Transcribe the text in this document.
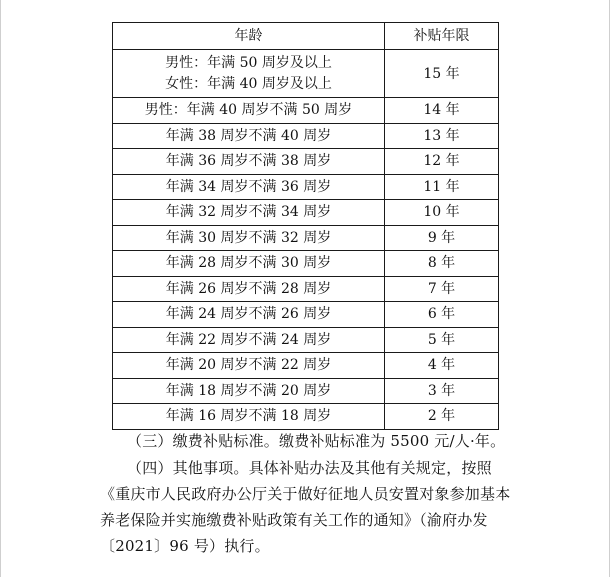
年龄	补贴年限

男性：年满 50 周岁及以上
女性：年满 40 周岁及以上	15 年
男性：年满 40 周岁不满 50 周岁	14 年
年满 38 周岁不满 40 周岁	13 年
年满 36 周岁不满 38 周岁	12 年
年满 34 周岁不满 36 周岁	11 年
年满 32 周岁不满 34 周岁	10 年
年满 30 周岁不满 32 周岁	9 年
年满 28 周岁不满 30 周岁	8 年
年满 26 周岁不满 28 周岁	7 年
年满 24 周岁不满 26 周岁	6 年
年满 22 周岁不满 24 周岁	5 年
年满 20 周岁不满 22 周岁	4 年
年满 18 周岁不满 20 周岁	3 年
年满 16 周岁不满 18 周岁	2 年

（三）缴费补贴标准。缴费补贴标准为 5500 元/人·年。

（四）其他事项。具体补贴办法及其他有关规定，按照《重庆市人民政府办公厅关于做好征地人员安置对象参加基本养老保险并实施缴费补贴政策有关工作的通知》（渝府办发〔2021〕96 号）执行。
